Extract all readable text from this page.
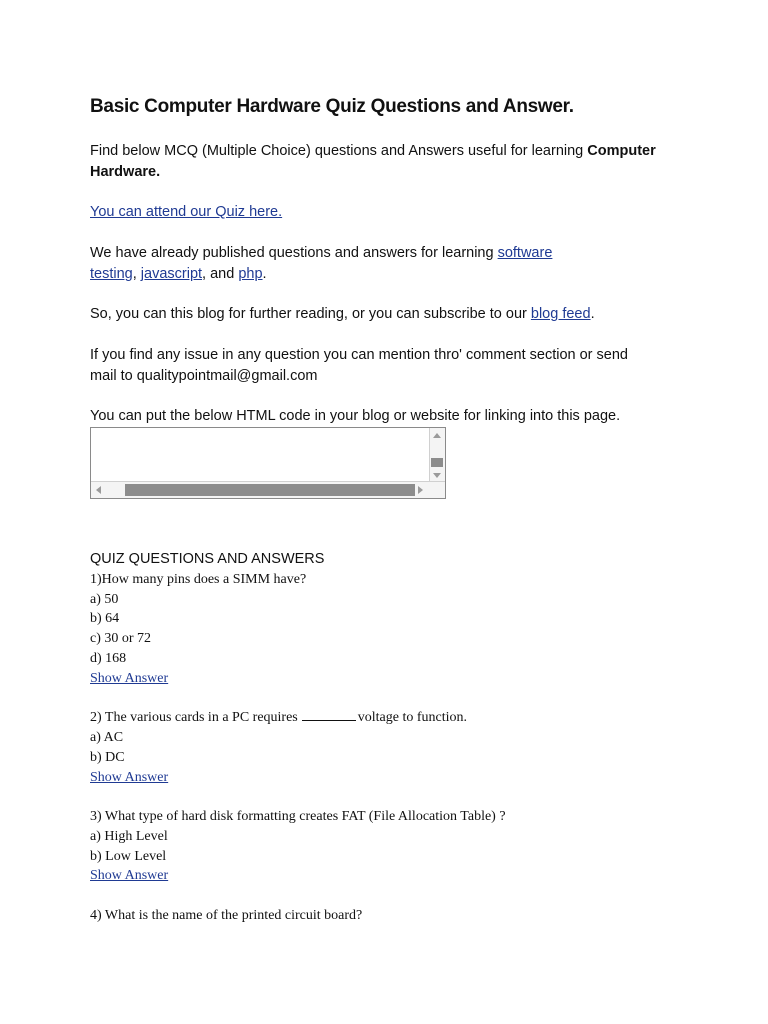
Basic Computer Hardware Quiz Questions and Answer.

Find below MCQ (Multiple Choice) questions and Answers useful for learning Computer
Hardware.

You can attend our Quiz here.

We have already published questions and answers for learning software
testing, javascript, and php.

So, you can this blog for further reading, or you can subscribe to our blog feed.

If you find any issue in any question you can mention thro' comment section or send
mail to qualitypointmail@gmail.com

You can put the below HTML code in your blog or website for linking into this page.

QUIZ QUESTIONS AND ANSWERS

1)How many pins does a SIMM have?

a) 50

b) 64

c) 30 or 72

d) 168

Show Answer

2) The various cards in a PC requires	voltage to function.

a) AC

b) DC

Show Answer

3) What type of hard disk formatting creates FAT (File Allocation Table) ?

a) High Level

b) Low Level

Show Answer

4) What is the name of the printed circuit board?
